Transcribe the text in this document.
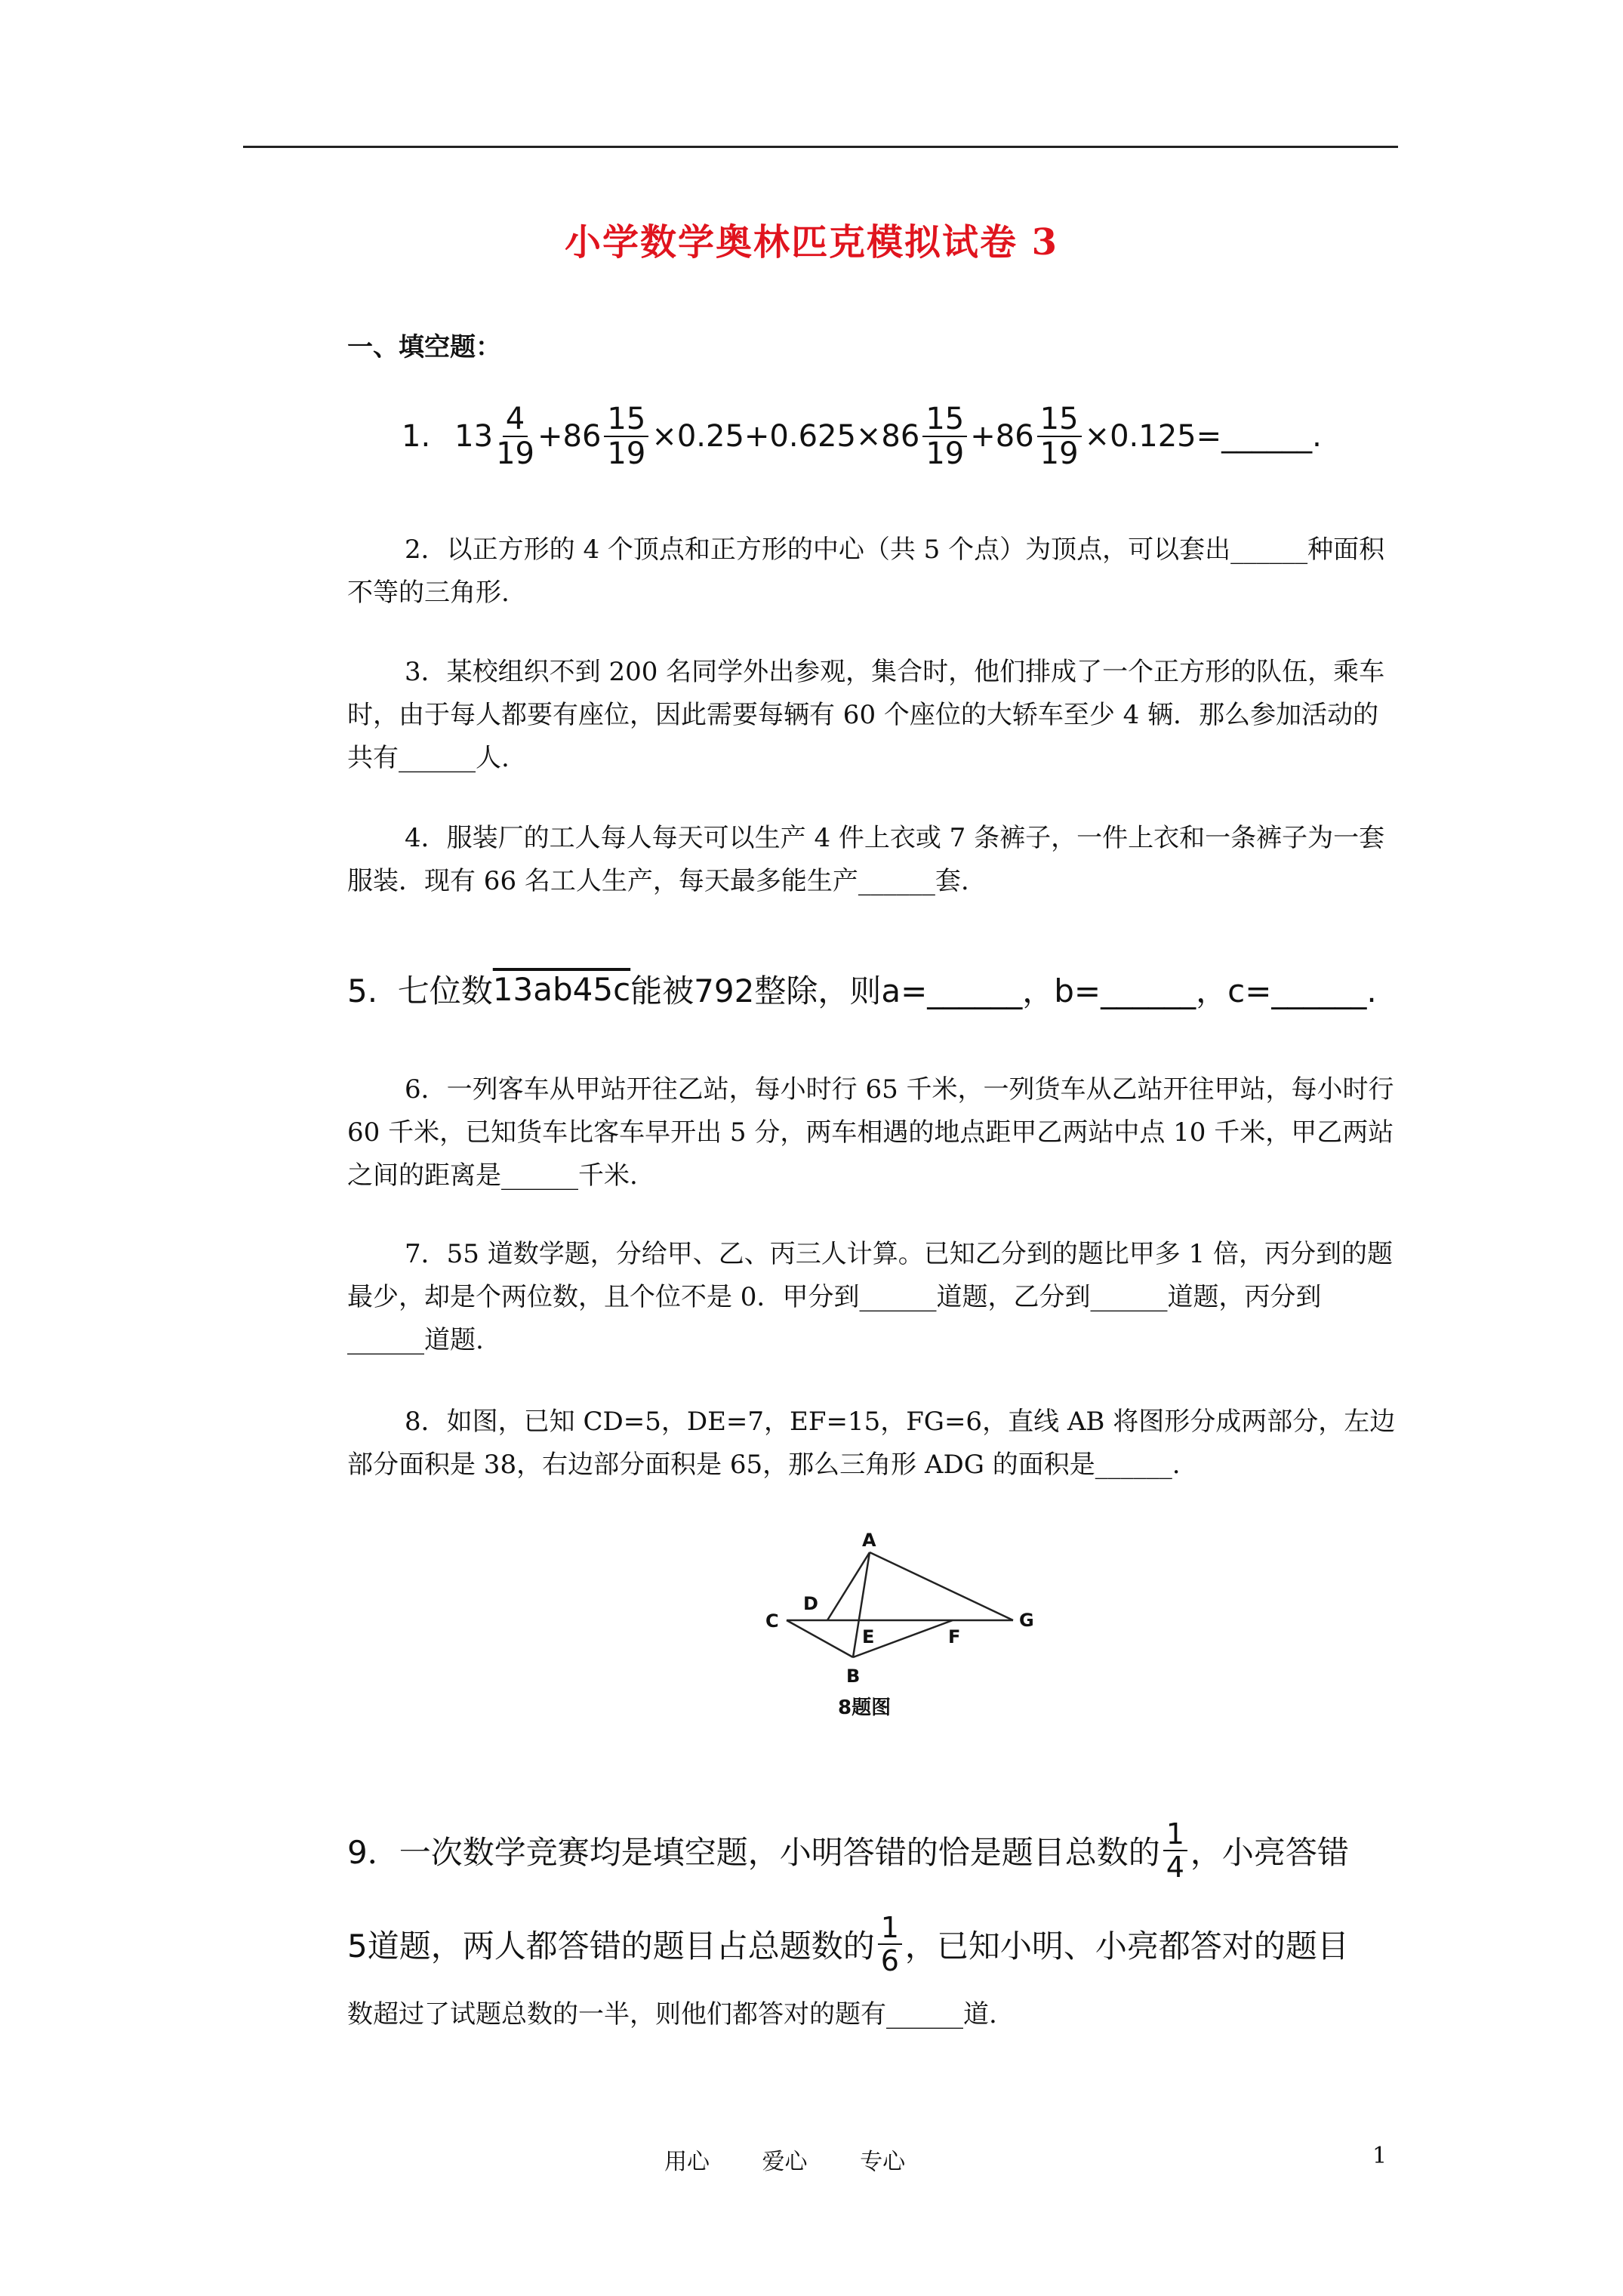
小学数学奥林匹克模拟试卷 3
一、填空题：
1. $13 \frac{4}{19} +86 \frac{15}{19} \times 0.25+0.625\times 86 \frac{15}{19} +86 \frac{15}{19}$ ×0.125=______.

2．以正方形的 4 个顶点和正方形的中心（共 5 个点）为顶点，可以套出______种面积不等的三角形.

3．某校组织不到 200 名同学外出参观，集合时，他们排成了一个正方形的队伍，乘车时，由于每人都要有座位，因此需要每辆有 60 个座位的大轿车至少 4 辆．那么参加活动的共有______人.

4．服装厂的工人每人每天可以生产 4 件上衣或 7 条裤子，一件上衣和一条裤子为一套服装．现有 66 名工人生产，每天最多能生产______套.

5.  七位数 13ab45c 能被792整除，则a=______，b=______，c=______.

6．一列客车从甲站开往乙站，每小时行 65 千米，一列货车从乙站开往甲站，每小时行 60 千米，已知货车比客车早开出 5 分，两车相遇的地点距甲乙两站中点 10 千米，甲乙两站之间的距离是______千米.

7．55 道数学题，分给甲、乙、丙三人计算。已知乙分到的题比甲多 1 倍，丙分到的题最少，却是个两位数，且个位不是 0．甲分到______道题，乙分到______道题，丙分到______道题.

8．如图，已知 CD=5，DE=7，EF=15，FG=6，直线 AB 将图形分成两部分，左边部分面积是 38，右边部分面积是 65，那么三角形 ADG 的面积是______.

A
B
C
D
E	F
G
8题图
9．一次数学竞赛均是填空题，小明答错的恰是题目总数的 $\frac{1}{4}$ ，小亮答错
5道题，两人都答错的题目占总题数的 $\frac{1}{6}$ ，已知小明、小亮都答对的题目

数超过了试题总数的一半，则他们都答对的题有______道.

用心 爱心 专心	1
